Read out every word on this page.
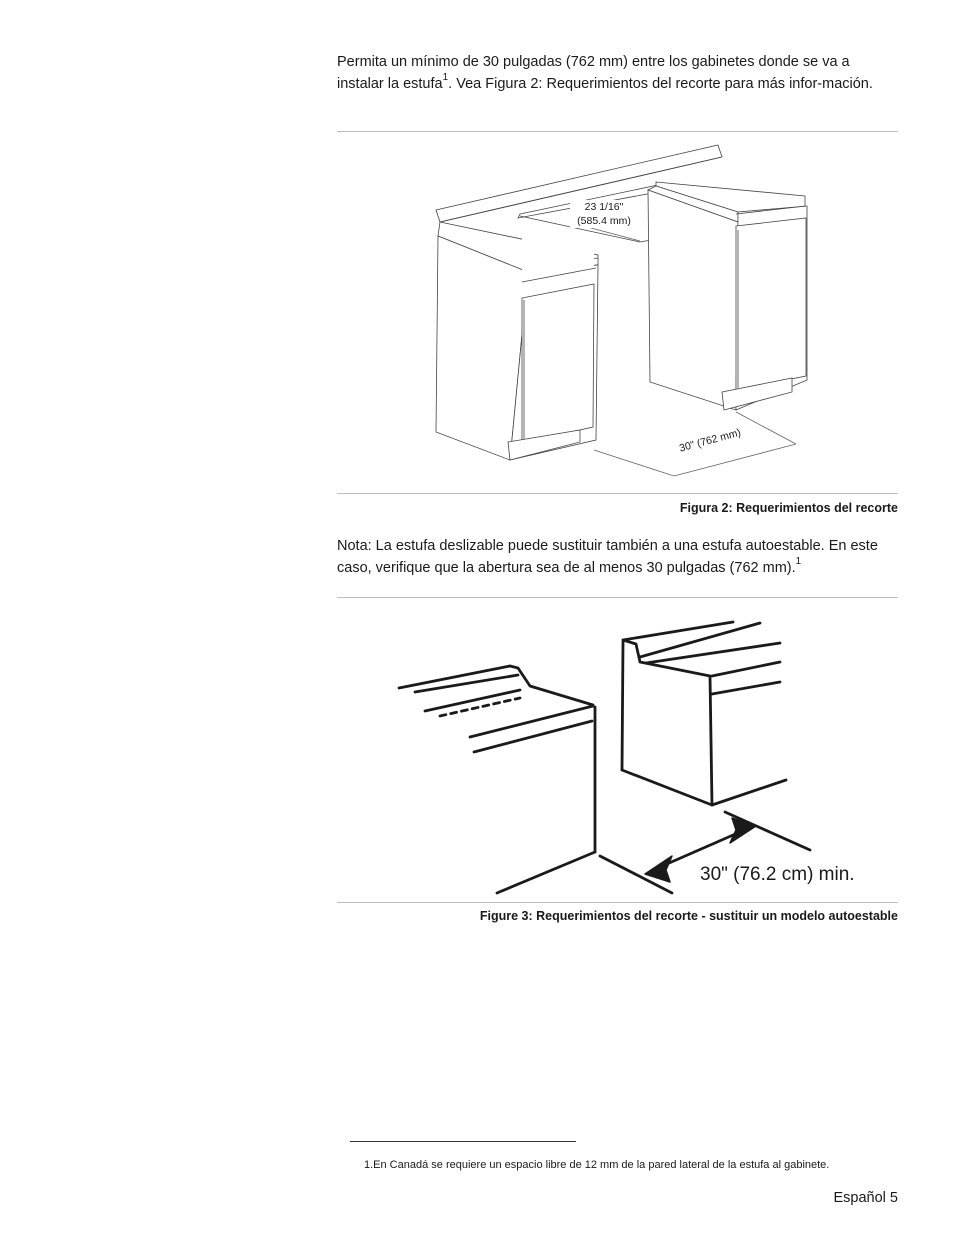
Permita un mínimo de 30 pulgadas (762 mm) entre los gabinetes donde se va a instalar la estufa$^1$. Vea Figura 2: Requerimientos del recorte para más infor-mación.

23 1/16"
(585.4 mm)
30" (762 mm)
Figura 2: Requerimientos del recorte

Nota: La estufa deslizable puede sustituir también a una estufa autoestable. En este caso, verifique que la abertura sea de al menos 30 pulgadas (762 mm).$^1$

30" (76.2 cm) min.
Figure 3: Requerimientos del recorte - sustituir un modelo autoestable
1.En Canadá se requiere un espacio libre de 12 mm de la pared lateral de la estufa al gabinete.
Español 5
